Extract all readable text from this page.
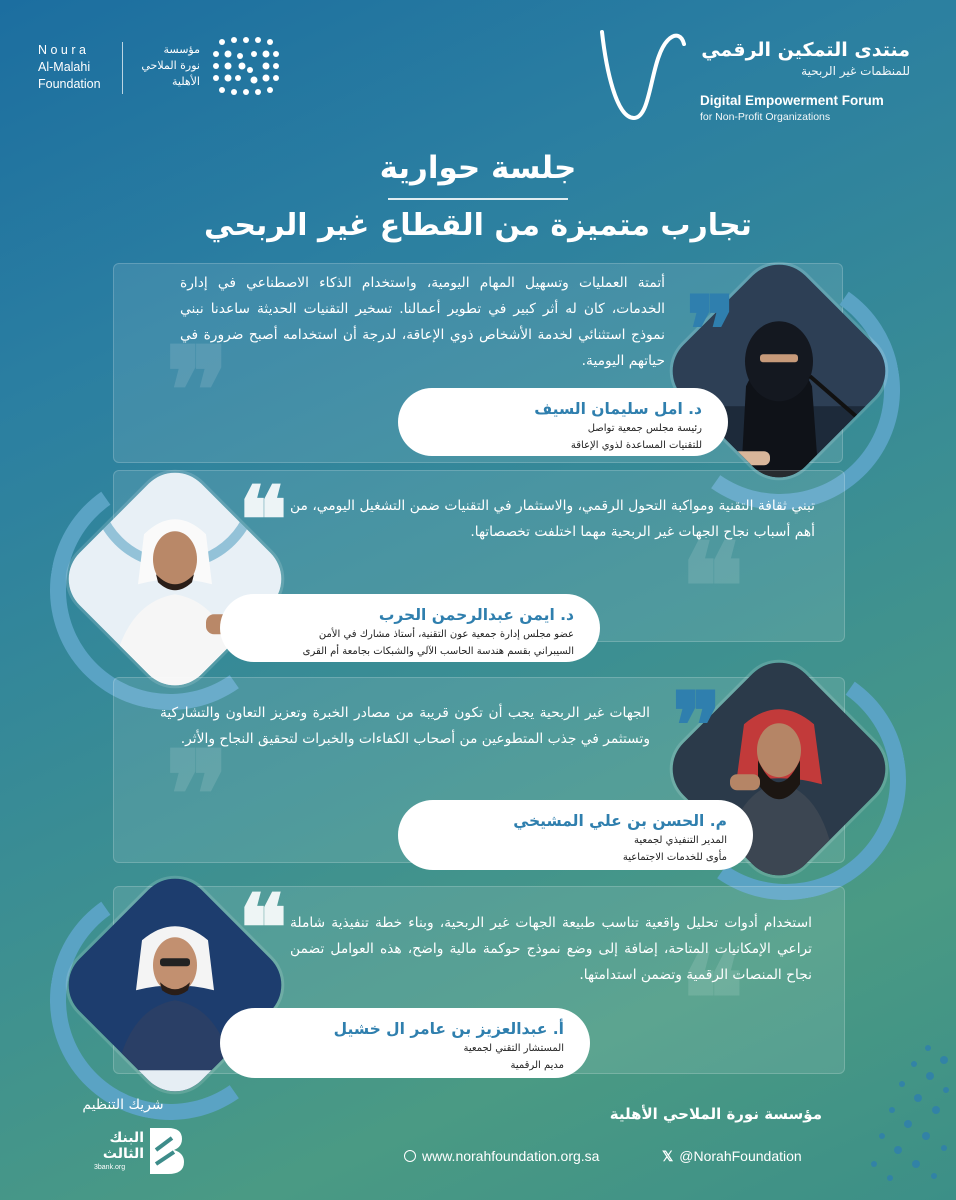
N o u r a
Al-Malahi
Foundation
مؤسسة
نورة الملاحي
الأهلية
منتدى التمكين الرقمي
للمنظمات غير الربحية
Digital Empowerment Forum
for Non-Profit Organizations
جلسة حوارية
تجارب متميزة من القطاع غير الربحي
❞
❞
أتمتة العمليات وتسهيل المهام اليومية، واستخدام الذكاء الاصطناعي في إدارة الخدمات، كان له أثر كبير في تطوير أعمالنا. تسخير التقنيات الحديثة ساعدنا نبني نموذج استثنائي لخدمة الأشخاص ذوي الإعاقة، لدرجة أن استخدامه أصبح ضرورة في حياتهم اليومية.
د. امل سليمان السيف
رئيسة مجلس جمعية تواصل
للتقنيات المساعدة لذوي الإعاقة
❝	❝
تبني ثقافة التقنية ومواكبة التحول الرقمي، والاستثمار في التقنيات ضمن التشغيل اليومي، من أهم أسباب نجاح الجهات غير الربحية مهما اختلفت تخصصاتها.
د. ايمن عبدالرحمن الحرب
عضو مجلس إدارة جمعية عون التقنية، أستاذ مشارك في الأمن
السيبراني بقسم هندسة الحاسب الآلي والشبكات بجامعة أم القرى
❞
❞
الجهات غير الربحية يجب أن تكون قريبة من مصادر الخبرة وتعزيز التعاون والتشاركية وتستثمر في جذب المتطوعين من أصحاب الكفاءات والخبرات لتحقيق النجاح والأثر.
م. الحسن بن علي المشيخي
المدير التنفيذي لجمعية
مأوى للخدمات الاجتماعية
❝
❝
استخدام أدوات تحليل واقعية تناسب طبيعة الجهات غير الربحية، وبناء خطة تنفيذية شاملة تراعي الإمكانيات المتاحة، إضافة إلى وضع نموذج حوكمة مالية واضح، هذه العوامل تضمن نجاح المنصات الرقمية وتضمن استدامتها.
أ. عبدالعزيز بن عامر ال خشيل
المستشار التقني لجمعية
مديم الرقمية
شريك التنظيم
البنك الثالث
3bank.org
مؤسسة نورة الملاحي الأهلية
www.norahfoundation.org.sa	𝕏 @NorahFoundation
